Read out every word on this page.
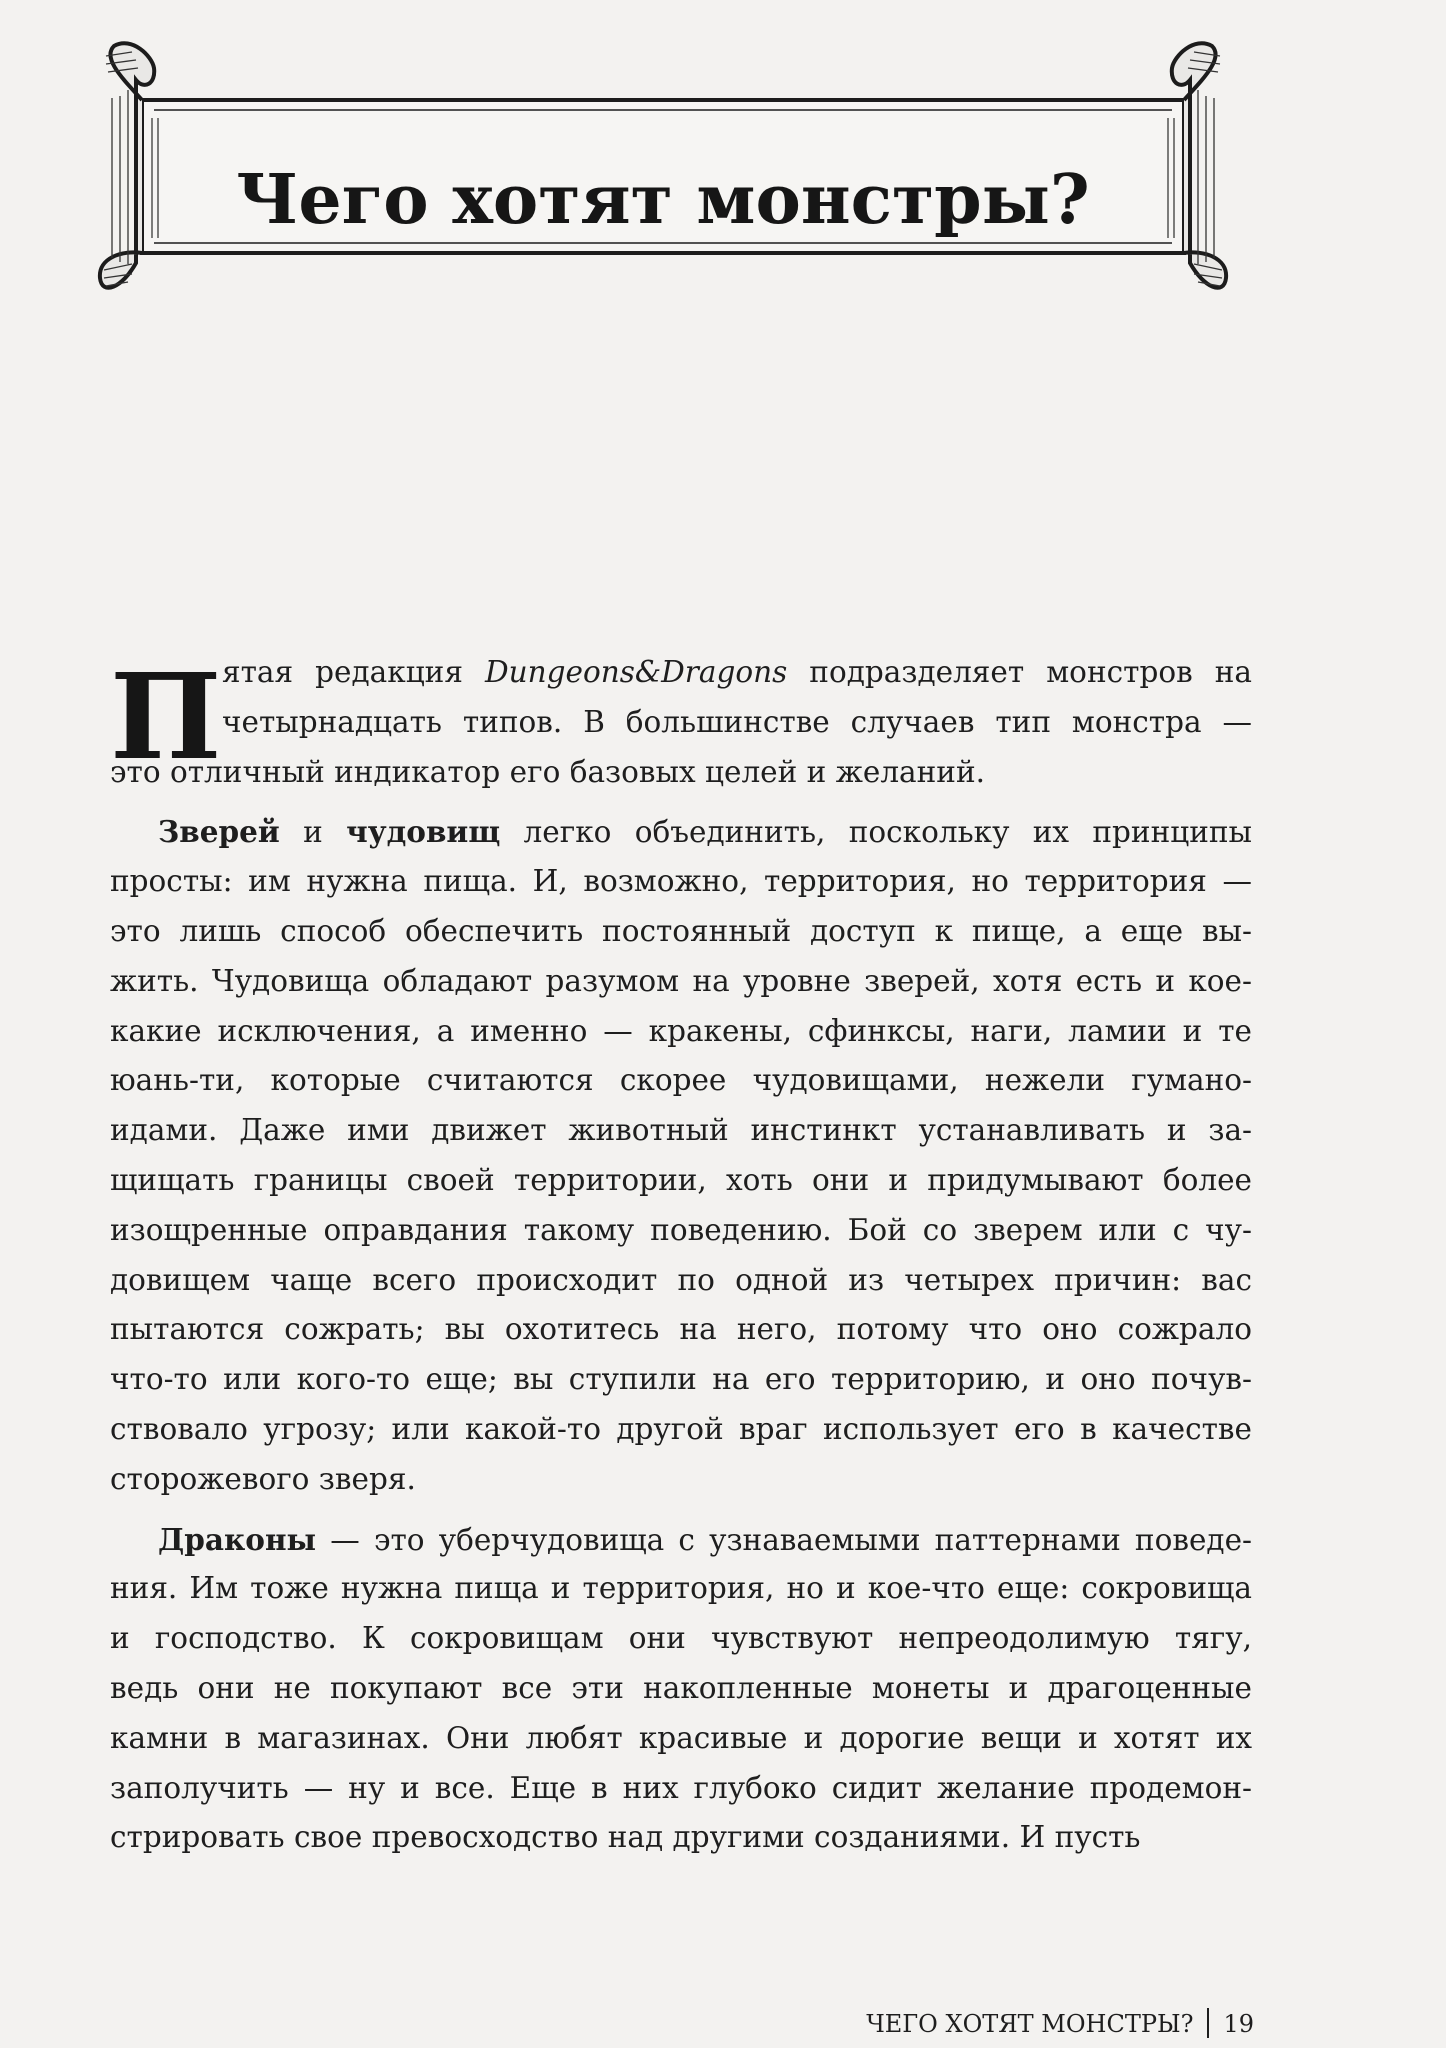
Чего хотят монстры?
П ятая редакция Dungeons&Dragons подразделяет монстров на
четырнадцать типов. В большинстве случаев тип монстра —
это отличный индикатор его базовых целей и желаний.
Зверей и чудовищ легко объединить, поскольку их принципы
просты: им нужна пища. И, возможно, территория, но территория —
это лишь способ обеспечить постоянный доступ к пище, а еще вы-
жить. Чудовища обладают разумом на уровне зверей, хотя есть и кое-
какие исключения, а именно — кракены, сфинксы, наги, ламии и те
юань-ти, которые считаются скорее чудовищами, нежели гумано-
идами. Даже ими движет животный инстинкт устанавливать и за-
щищать границы своей территории, хоть они и придумывают более
изощренные оправдания такому поведению. Бой со зверем или с чу-
довищем чаще всего происходит по одной из четырех причин: вас
пытаются сожрать; вы охотитесь на него, потому что оно сожрало
что-то или кого-то еще; вы ступили на его территорию, и оно почув-
ствовало угрозу; или какой-то другой враг использует его в качестве
сторожевого зверя.
Драконы — это уберчудовища с узнаваемыми паттернами поведе-
ния. Им тоже нужна пища и территория, но и кое-что еще: сокровища
и господство. К сокровищам они чувствуют непреодолимую тягу,
ведь они не покупают все эти накопленные монеты и драгоценные
камни в магазинах. Они любят красивые и дорогие вещи и хотят их
заполучить — ну и все. Еще в них глубоко сидит желание продемон-
стрировать свое превосходство над другими созданиями. И пусть
ЧЕГО ХОТЯТ МОНСТРЫ? 19
